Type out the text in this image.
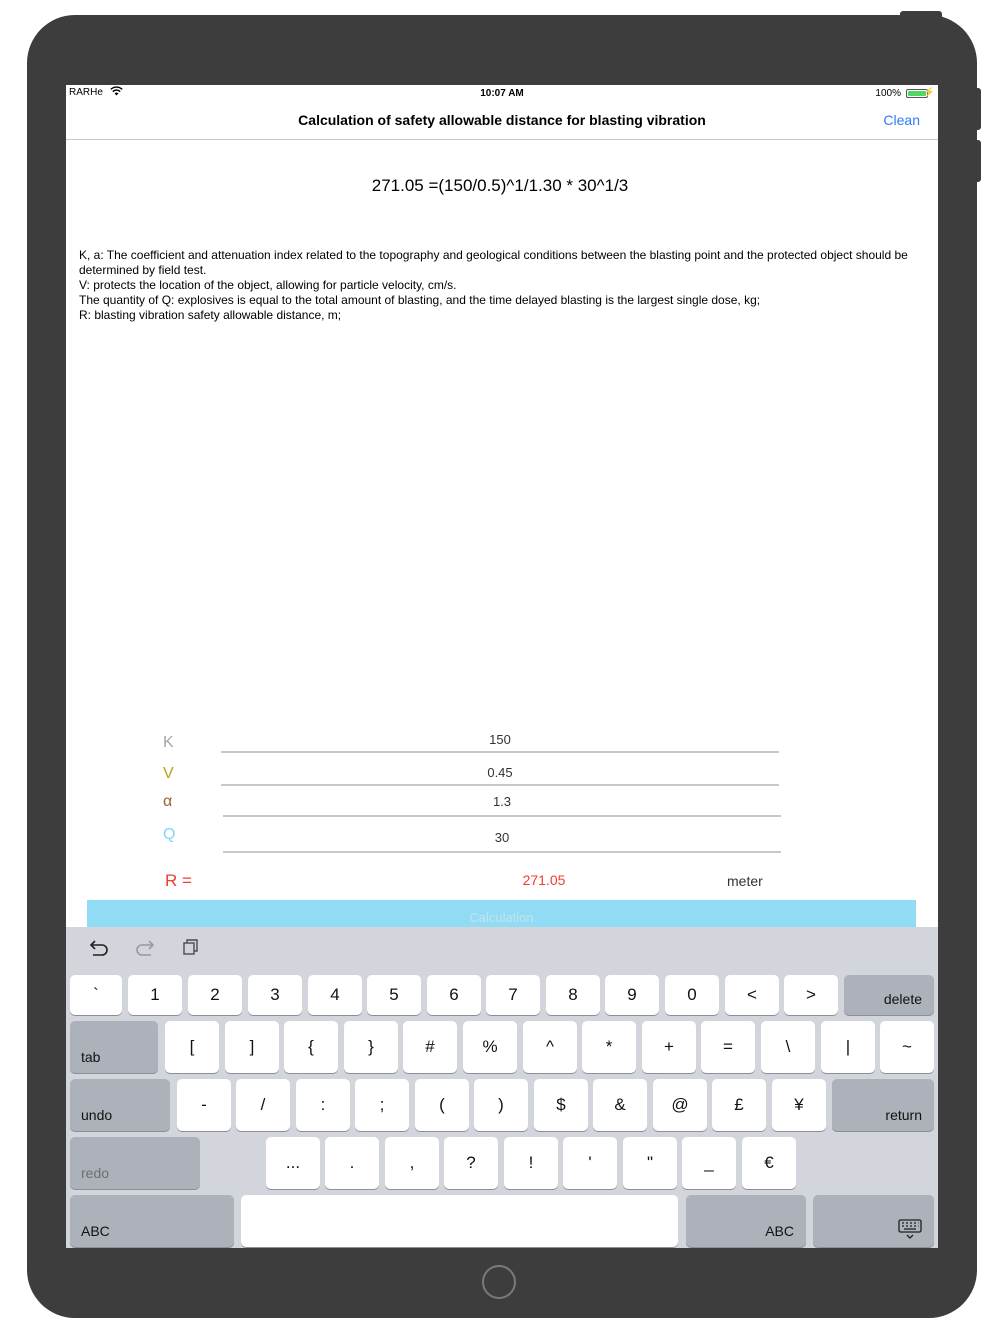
RARHe	10:07 AM	100%	⚡
Calculation of safety allowable distance for blasting vibration	Clean
271.05 =(150/0.5)^1/1.30 * 30^1/3
K, a: The coefficient and attenuation index related to the topography and geological conditions between the blasting point and the protected object should be determined by field test.
V: protects the location of the object, allowing for particle velocity, cm/s.
The quantity of Q: explosives is equal to the total amount of blasting, and the time delayed blasting is the largest single dose, kg;
R: blasting vibration safety allowable distance, m;
K	150
V	0.45
α	1.3
Q	30
R =	271.05	meter
Calculation
`	1	2	3	4	5	6	7	8	9	0	<	>	delete
tab
[	]	{	}	#	%	^	*	+	=	\	|	~
undo
-	/	:	;	(	)	$	&	@	£	¥
return
redo
...	.	,	?	!	'	"	_	€
ABC	ABC
